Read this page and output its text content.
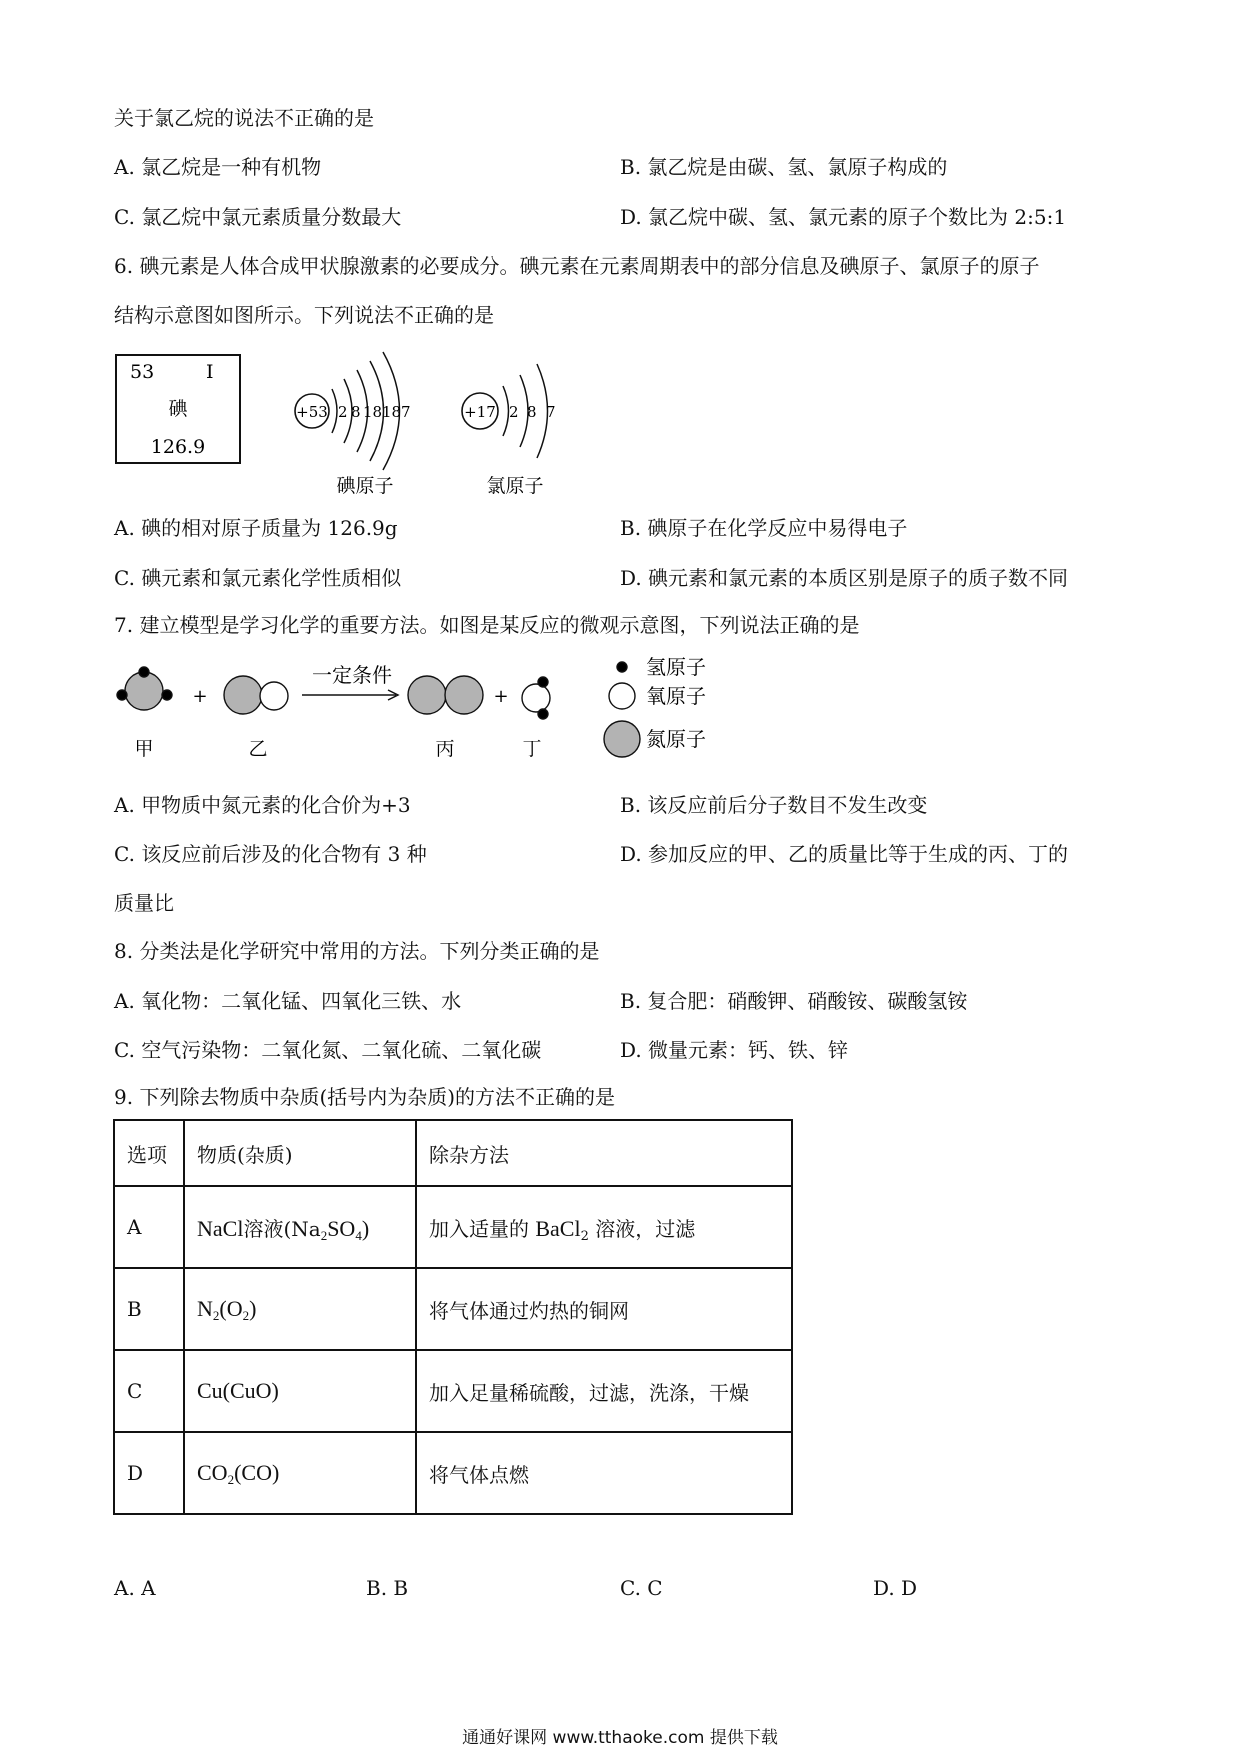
关于氯乙烷的说法不正确的是
A. 氯乙烷是一种有机物	B. 氯乙烷是由碳、氢、氯原子构成的
C. 氯乙烷中氯元素质量分数最大	D. 氯乙烷中碳、氢、氯元素的原子个数比为 2:5:1
6. 碘元素是人体合成甲状腺激素的必要成分。碘元素在元素周期表中的部分信息及碘原子、氯原子的原子
结构示意图如图所示。下列说法不正确的是
53	I
碘
126.9
+53 2 8 18 18 7
碘原子
+17 2 8 7
氯原子
A. 碘的相对原子质量为 126.9g	B. 碘原子在化学反应中易得电子
C. 碘元素和氯元素化学性质相似	D. 碘元素和氯元素的本质区别是原子的质子数不同
7. 建立模型是学习化学的重要方法。如图是某反应的微观示意图，下列说法正确的是
+
一定条件
+
甲	乙	丙	丁
氢原子
氧原子
氮原子
A. 甲物质中氮元素的化合价为+3	B. 该反应前后分子数目不发生改变
C. 该反应前后涉及的化合物有 3 种	D. 参加反应的甲、乙的质量比等于生成的丙、丁的
质量比
8. 分类法是化学研究中常用的方法。下列分类正确的是
A. 氧化物：二氧化锰、四氧化三铁、水	B. 复合肥：硝酸钾、硝酸铵、碳酸氢铵
C. 空气污染物：二氧化氮、二氧化硫、二氧化碳	D. 微量元素：钙、铁、锌
9. 下列除去物质中杂质(括号内为杂质)的方法不正确的是
选项	物质(杂质)	除杂方法
A	NaCl溶液$(Na_2SO_4)$	加入适量的 BaCl$_2$ 溶液，过滤
B	$N_2(O_2)$	将气体通过灼热的铜网
C	Cu(CuO)	加入足量稀硫酸，过滤，洗涤，干燥
D	$CO_2(CO)$	将气体点燃
A. A	B. B	C. C	D. D
通通好课网 www.tthaoke.com 提供下载
